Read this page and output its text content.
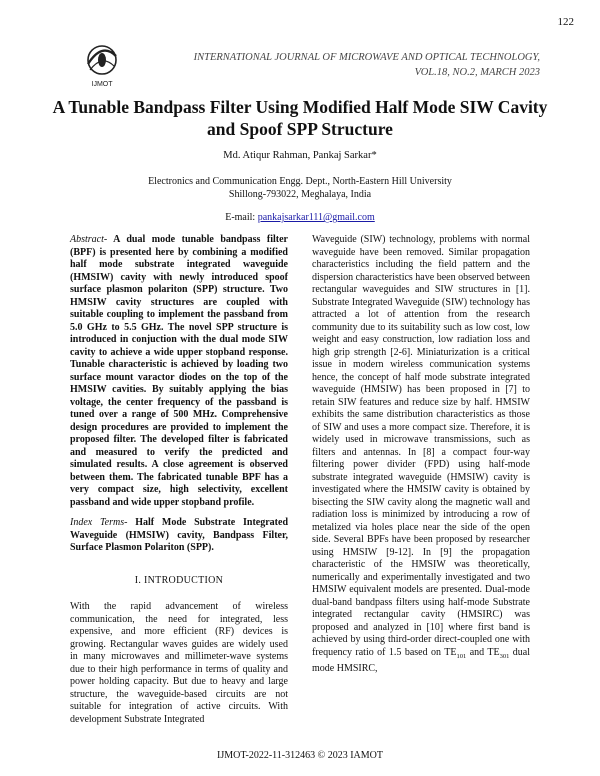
122
IJMOT
INTERNATIONAL JOURNAL OF MICROWAVE AND OPTICAL TECHNOLOGY,
VOL.18, NO.2, MARCH 2023
A Tunable Bandpass Filter Using Modified Half Mode SIW Cavity and Spoof SPP Structure
Md. Atiqur Rahman, Pankaj Sarkar*
Electronics and Communication Engg. Dept., North-Eastern Hill University
Shillong-793022, Meghalaya, India
E-mail: pankajsarkar111@gmail.com

Abstract- A dual mode tunable bandpass filter (BPF) is presented here by combining a modified half mode substrate integrated waveguide (HMSIW) cavity with newly introduced spoof surface plasmon polariton (SPP) structure. Two HMSIW cavity structures are coupled with suitable coupling to implement the passband from 5.0 GHz to 5.5 GHz. The novel SPP structure is introduced in conjuction with the dual mode SIW cavity to achieve a wide upper stopband response. Tunable characteristic is achieved by loading two surface mount varactor diodes on the top of the HMSIW cavities. By suitably applying the bias voltage, the center frequency of the passband is tuned over a range of 500 MHz. Comprehensive design procedures are provided to implement the proposed filter. The developed filter is fabricated and measured to verify the predicted and simulated results. A close agreement is observed between them. The fabricated tunable BPF has a very compact size, high selectivity, excellent passband and wide upper stopband profile.

Index Terms- Half Mode Substrate Integrated Waveguide (HMSIW) cavity, Bandpass Filter, Surface Plasmon Polariton (SPP).

I. INTRODUCTION

With the rapid advancement of wireless communication, the need for integrated, less expensive, and more efficient (RF) devices is growing. Rectangular waves guides are widely used in many microwaves and millimeter-wave systems due to their high performance in terms of quality and power holding capacity. But due to heavy and large structure, the waveguide-based circuits are not suitable for integration of active circuits. With development Substrate Integrated

Waveguide (SIW) technology, problems with normal waveguide have been removed. Similar propagation characteristics including the field pattern and the dispersion characteristics have been observed between rectangular waveguides and SIW structures in [1]. Substrate Integrated Waveguide (SIW) technology has attracted a lot of attention from the research community due to its suitability such as low cost, low weight and easy construction, low radiation loss and high grip strength [2-6]. Miniaturization is a critical issue in modern wireless communication systems hence, the concept of half mode substrate integrated waveguide (HMSIW) has been proposed in [7] to retain SIW features and reduce size by half. HMSIW exhibits the same distribution characteristics as those of SIW and uses a more compact size. Therefore, it is widely used in microwave transmissions, such as filters and antennas. In [8] a compact four-way filtering power divider (FPD) using half-mode substrate integrated waveguide (HMSIW) cavity is investigated where the HMSIW cavity is obtained by bisecting the SIW cavity along the magnetic wall and radiation loss is minimized by introducing a row of metalized via holes place near the side of the open side. Several BPFs have been proposed by researcher using HMSIW [9-12]. In [9] the propagation characteristic of the HMSIW was theoretically, numerically and experimentally investigated and two HMSIW equivalent models are presented. Dual-mode dual-band bandpass filters using half-mode Substrate integrated rectangular cavity (HMSIRC) was proposed and analyzed in [10] where first band is achieved by using third-order direct-coupled one with frequency ratio of 1.5 based on $TE_{101}$ and $TE_{301}$ dual mode HMSIRC,

IJMOT-2022-11-312463 © 2023 IAMOT
